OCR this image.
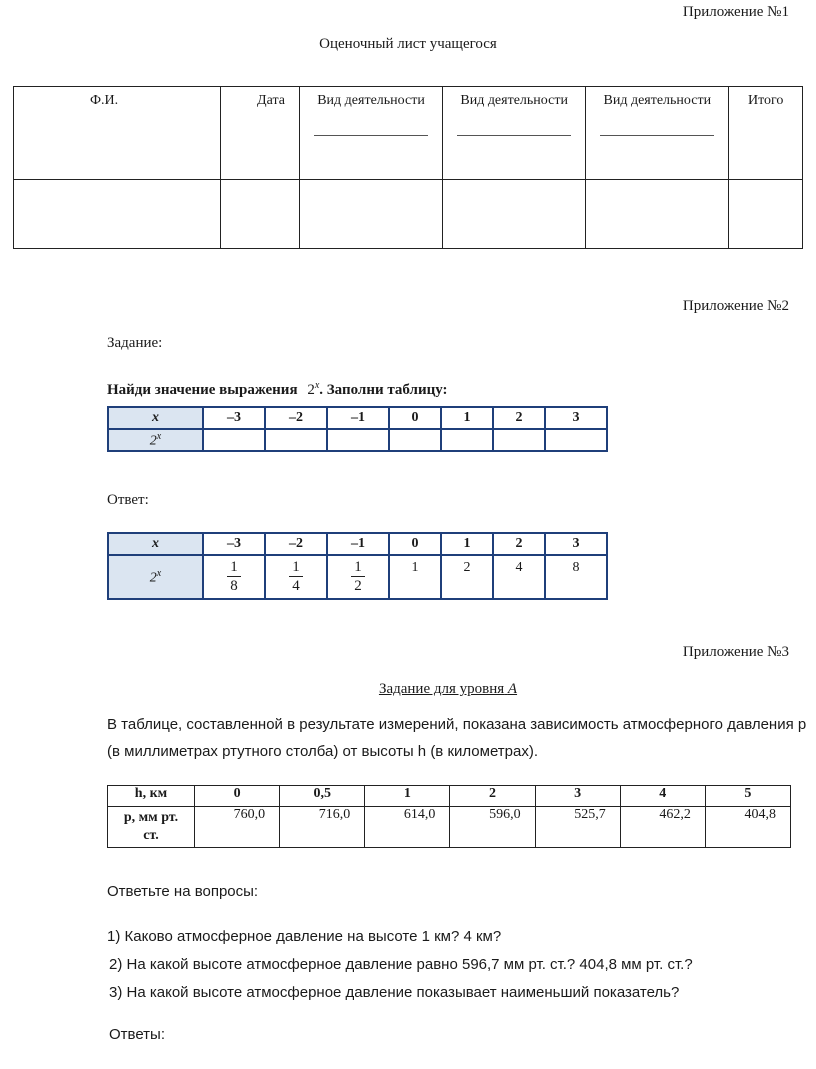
Приложение №1
Оценочный лист учащегося
Ф.И.	Дата	Вид деятельности	Вид деятельности	Вид деятельности	Итого

Приложение №2
Задание:
Найди значение выражения 2$^x$. Заполни таблицу:
x	–3	–2	–1	0	1	2	3
2$^x$							
Ответ:
x	–3	–2	–1	0	1	2	3
2$^x$	$\frac{1}{8}$	$\frac{1}{4}$	$\frac{1}{2}$	1	2	4	8
Приложение №3
Задание для уровня А
В таблице, составленной в результате измерений, показана зависимость атмосферного давления р
(в миллиметрах ртутного столба) от высоты h (в километрах).
h, км	0	0,5	1	2	3	4	5
р, мм рт.
ст.	760,0	716,0	614,0	596,0	525,7	462,2	404,8
Ответьте на вопросы:
1) Каково атмосферное давление на высоте 1 км? 4 км?
2) На какой высоте атмосферное давление равно 596,7 мм рт. ст.? 404,8 мм рт. ст.?
3) На какой высоте атмосферное давление показывает наименьший показатель?
Ответы:
